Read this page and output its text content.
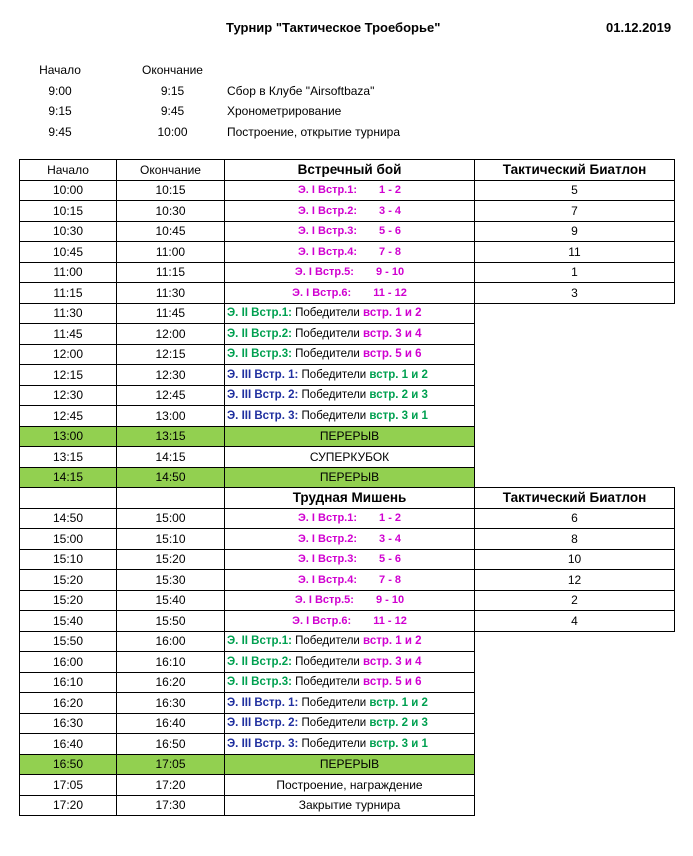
Турнир "Тактическое Троеборье"	01.12.2019
Начало	Окончание
9:00	9:15	Сбор в Клубе "Airsoftbaza"
9:15	9:45	Хронометрирование
9:45	10:00	Построение, открытие турнира
Начало	Окончание	Встречный бой	Тактический Биатлон
10:00	10:15	Э. I Встр.1: 1 - 2	5
10:15	10:30	Э. I Встр.2: 3 - 4	7
10:30	10:45	Э. I Встр.3: 5 - 6	9
10:45	11:00	Э. I Встр.4: 7 - 8	11
11:00	11:15	Э. I Встр.5: 9 - 10	1
11:15	11:30	Э. I Встр.6: 11 - 12	3
11:30	11:45	Э. II Встр.1: Победители встр. 1 и 2	
11:45	12:00	Э. II Встр.2: Победители встр. 3 и 4	
12:00	12:15	Э. II Встр.3: Победители встр. 5 и 6	
12:15	12:30	Э. III Встр. 1: Победители встр. 1 и 2	
12:30	12:45	Э. III Встр. 2: Победители встр. 2 и 3	
12:45	13:00	Э. III Встр. 3: Победители встр. 3 и 1	
13:00	13:15	ПЕРЕРЫВ	
13:15	14:15	СУПЕРКУБОК	
14:15	14:50	ПЕРЕРЫВ	
		Трудная Мишень	Тактический Биатлон
14:50	15:00	Э. I Встр.1: 1 - 2	6
15:00	15:10	Э. I Встр.2: 3 - 4	8
15:10	15:20	Э. I Встр.3: 5 - 6	10
15:20	15:30	Э. I Встр.4: 7 - 8	12
15:20	15:40	Э. I Встр.5: 9 - 10	2
15:40	15:50	Э. I Встр.6: 11 - 12	4
15:50	16:00	Э. II Встр.1: Победители встр. 1 и 2	
16:00	16:10	Э. II Встр.2: Победители встр. 3 и 4	
16:10	16:20	Э. II Встр.3: Победители встр. 5 и 6	
16:20	16:30	Э. III Встр. 1: Победители встр. 1 и 2	
16:30	16:40	Э. III Встр. 2: Победители встр. 2 и 3	
16:40	16:50	Э. III Встр. 3: Победители встр. 3 и 1	
16:50	17:05	ПЕРЕРЫВ	
17:05	17:20	Построение, награждение	
17:20	17:30	Закрытие турнира	
